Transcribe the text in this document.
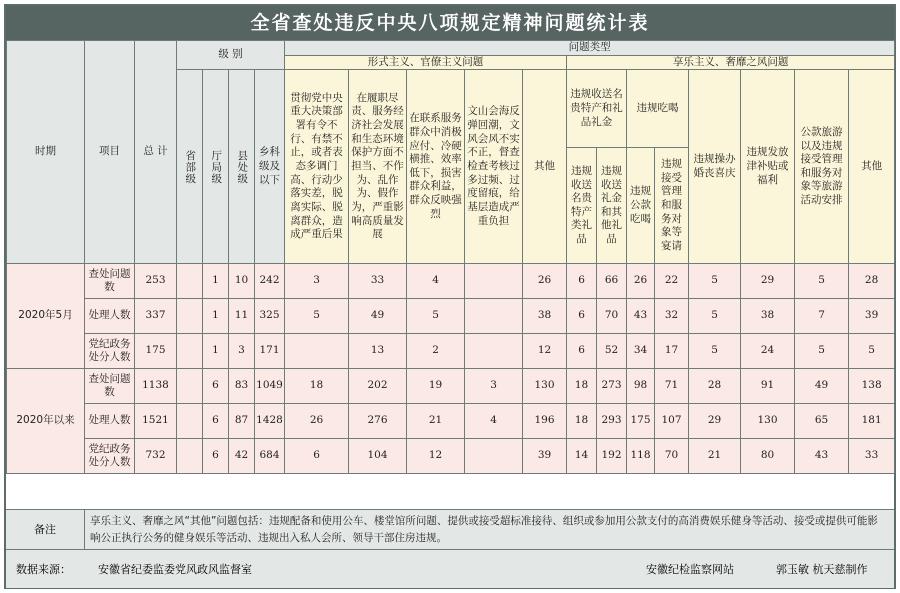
全省查处违反中央八项规定精神问题统计表
时期	项目	总 计	级 别				问题类型												
							形式主义、官僚主义问题					享乐主义、奢靡之风问题							

			省部级	厅局级	县处级	乡科级及以下	贯彻党中央重大决策部署有令不行、有禁不止，或者表态多调门高、行动少落实差，脱离实际、脱离群众，造成严重后果	在履职尽责、服务经济社会发展和生态环境保护方面不担当、不作为、乱作为、假作为，严重影响高质量发展	在联系服务群众中消极应付、冷硬横推、效率低下，损害群众利益，群众反映强烈	文山会海反弹回潮，文风会风不实不正，督查检查考核过多过频、过度留痕，给基层造成严重负担	其他	违规收送名贵特产和礼品礼金		违规吃喝		违规操办婚丧喜庆	违规发放津补贴或福利	公款旅游以及违规接受管理和服务对象等旅游活动安排	其他
												违规收送名贵特产类礼品	违规收送礼金和其他礼品	违规公款吃喝	违规接受管理和服务对象等宴请				
2020年5月	查处问题数	253		1	10	242	3	33	4		26	6	66	26	22	5	29	5	28
	处理人数	337		1	11	325	5	49	5		38	6	70	43	32	5	38	7	39
	党纪政务处分人数	175		1	3	171		13	2		12	6	52	34	17	5	24	5	5
2020年以来	查处问题数	1138		6	83	1049	18	202	19	3	130	18	273	98	71	28	91	49	138
	处理人数	1521		6	87	1428	26	276	21	4	196	18	293	175	107	29	130	65	181
	党纪政务处分人数	732		6	42	684	6	104	12		39	14	192	118	70	21	80	43	33
备注
享乐主义、奢靡之风“其他”问题包括：违规配备和使用公车、楼堂馆所问题、提供或接受超标准接待、组织或参加用公款支付的高消费娱乐健身等活动、接受或提供可能影响公正执行公务的健身娱乐等活动、违规出入私人会所、领导干部住房违规。
数据来源： 安徽省纪委监委党风政风监督室	安徽纪检监察网站	郭玉敏 杭天慈制作
